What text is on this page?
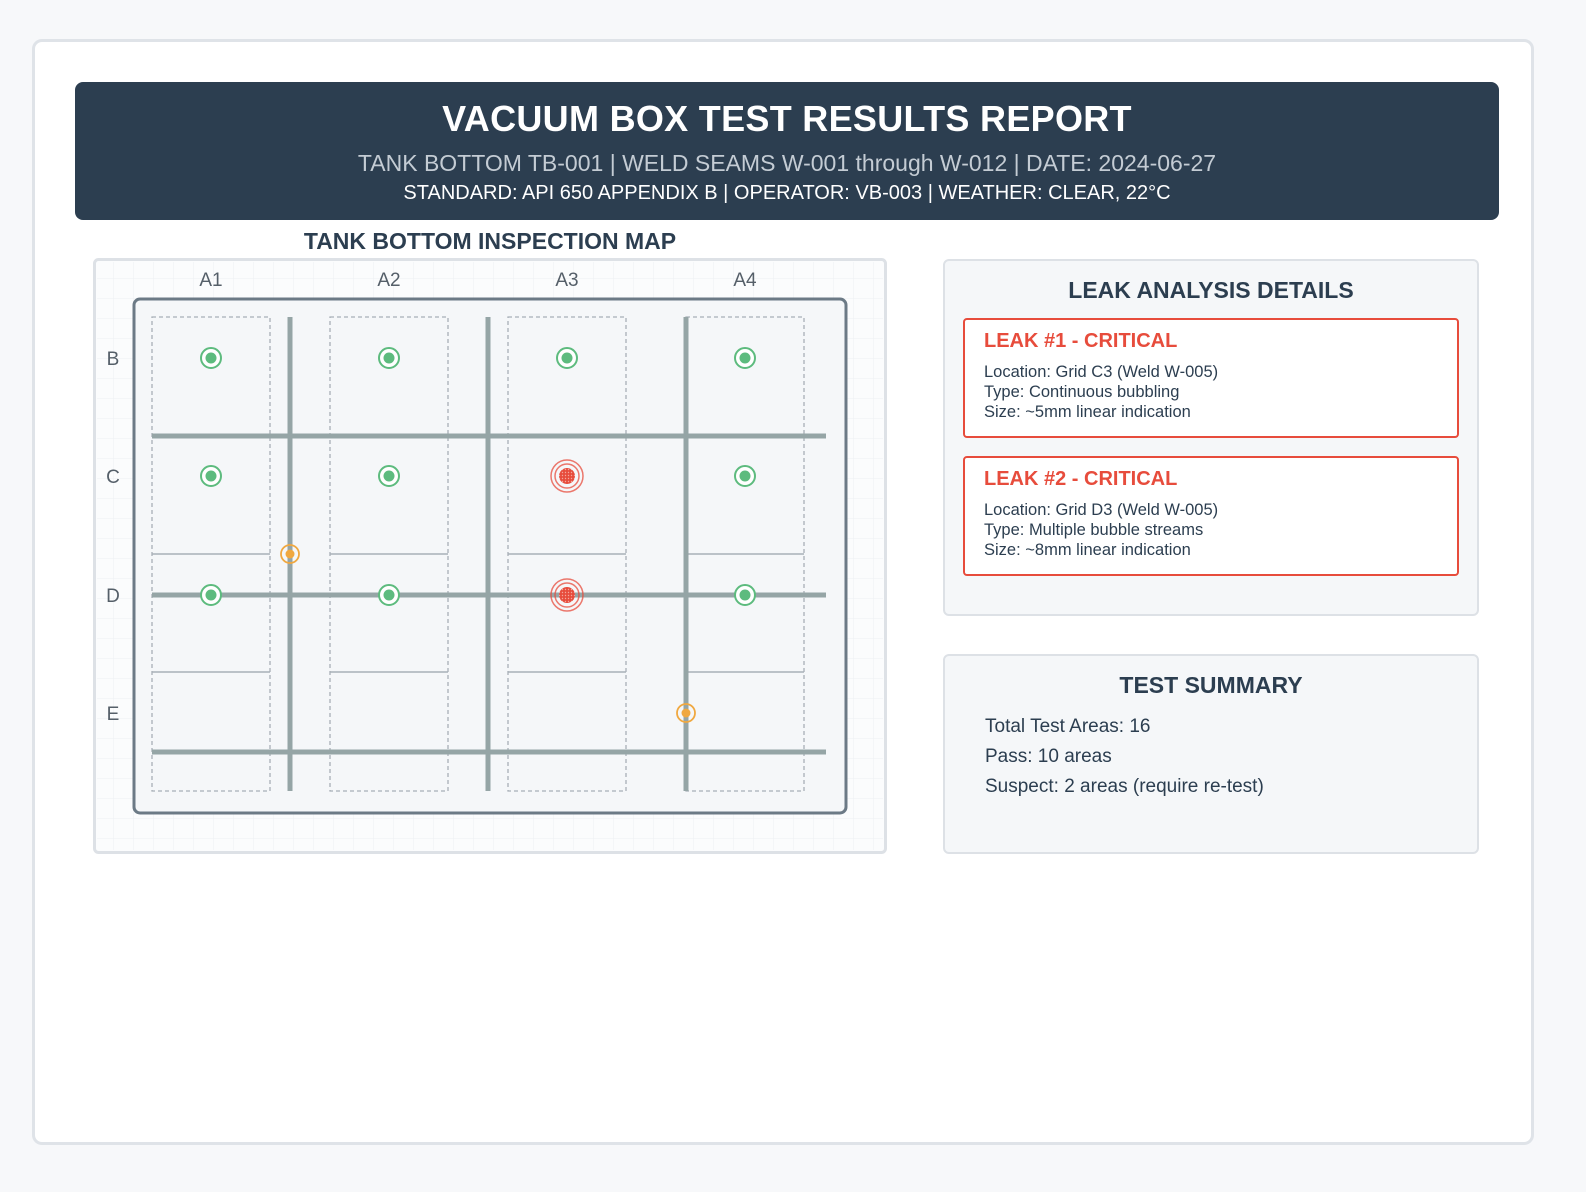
VACUUM BOX TEST RESULTS REPORT
TANK BOTTOM TB-001 | WELD SEAMS W-001 through W-012 | DATE: 2024-06-27
STANDARD: API 650 APPENDIX B | OPERATOR: VB-003 | WEATHER: CLEAR, 22°C
TANK BOTTOM INSPECTION MAP
A1	A2	A3	A4
B
C
D
E
LEAK ANALYSIS DETAILS
LEAK #1 - CRITICAL
Location: Grid C3 (Weld W-005)
Type: Continuous bubbling
Size: ~5mm linear indication
LEAK #2 - CRITICAL
Location: Grid D3 (Weld W-005)
Type: Multiple bubble streams
Size: ~8mm linear indication
TEST SUMMARY
Total Test Areas: 16
Pass: 10 areas
Suspect: 2 areas (require re-test)
